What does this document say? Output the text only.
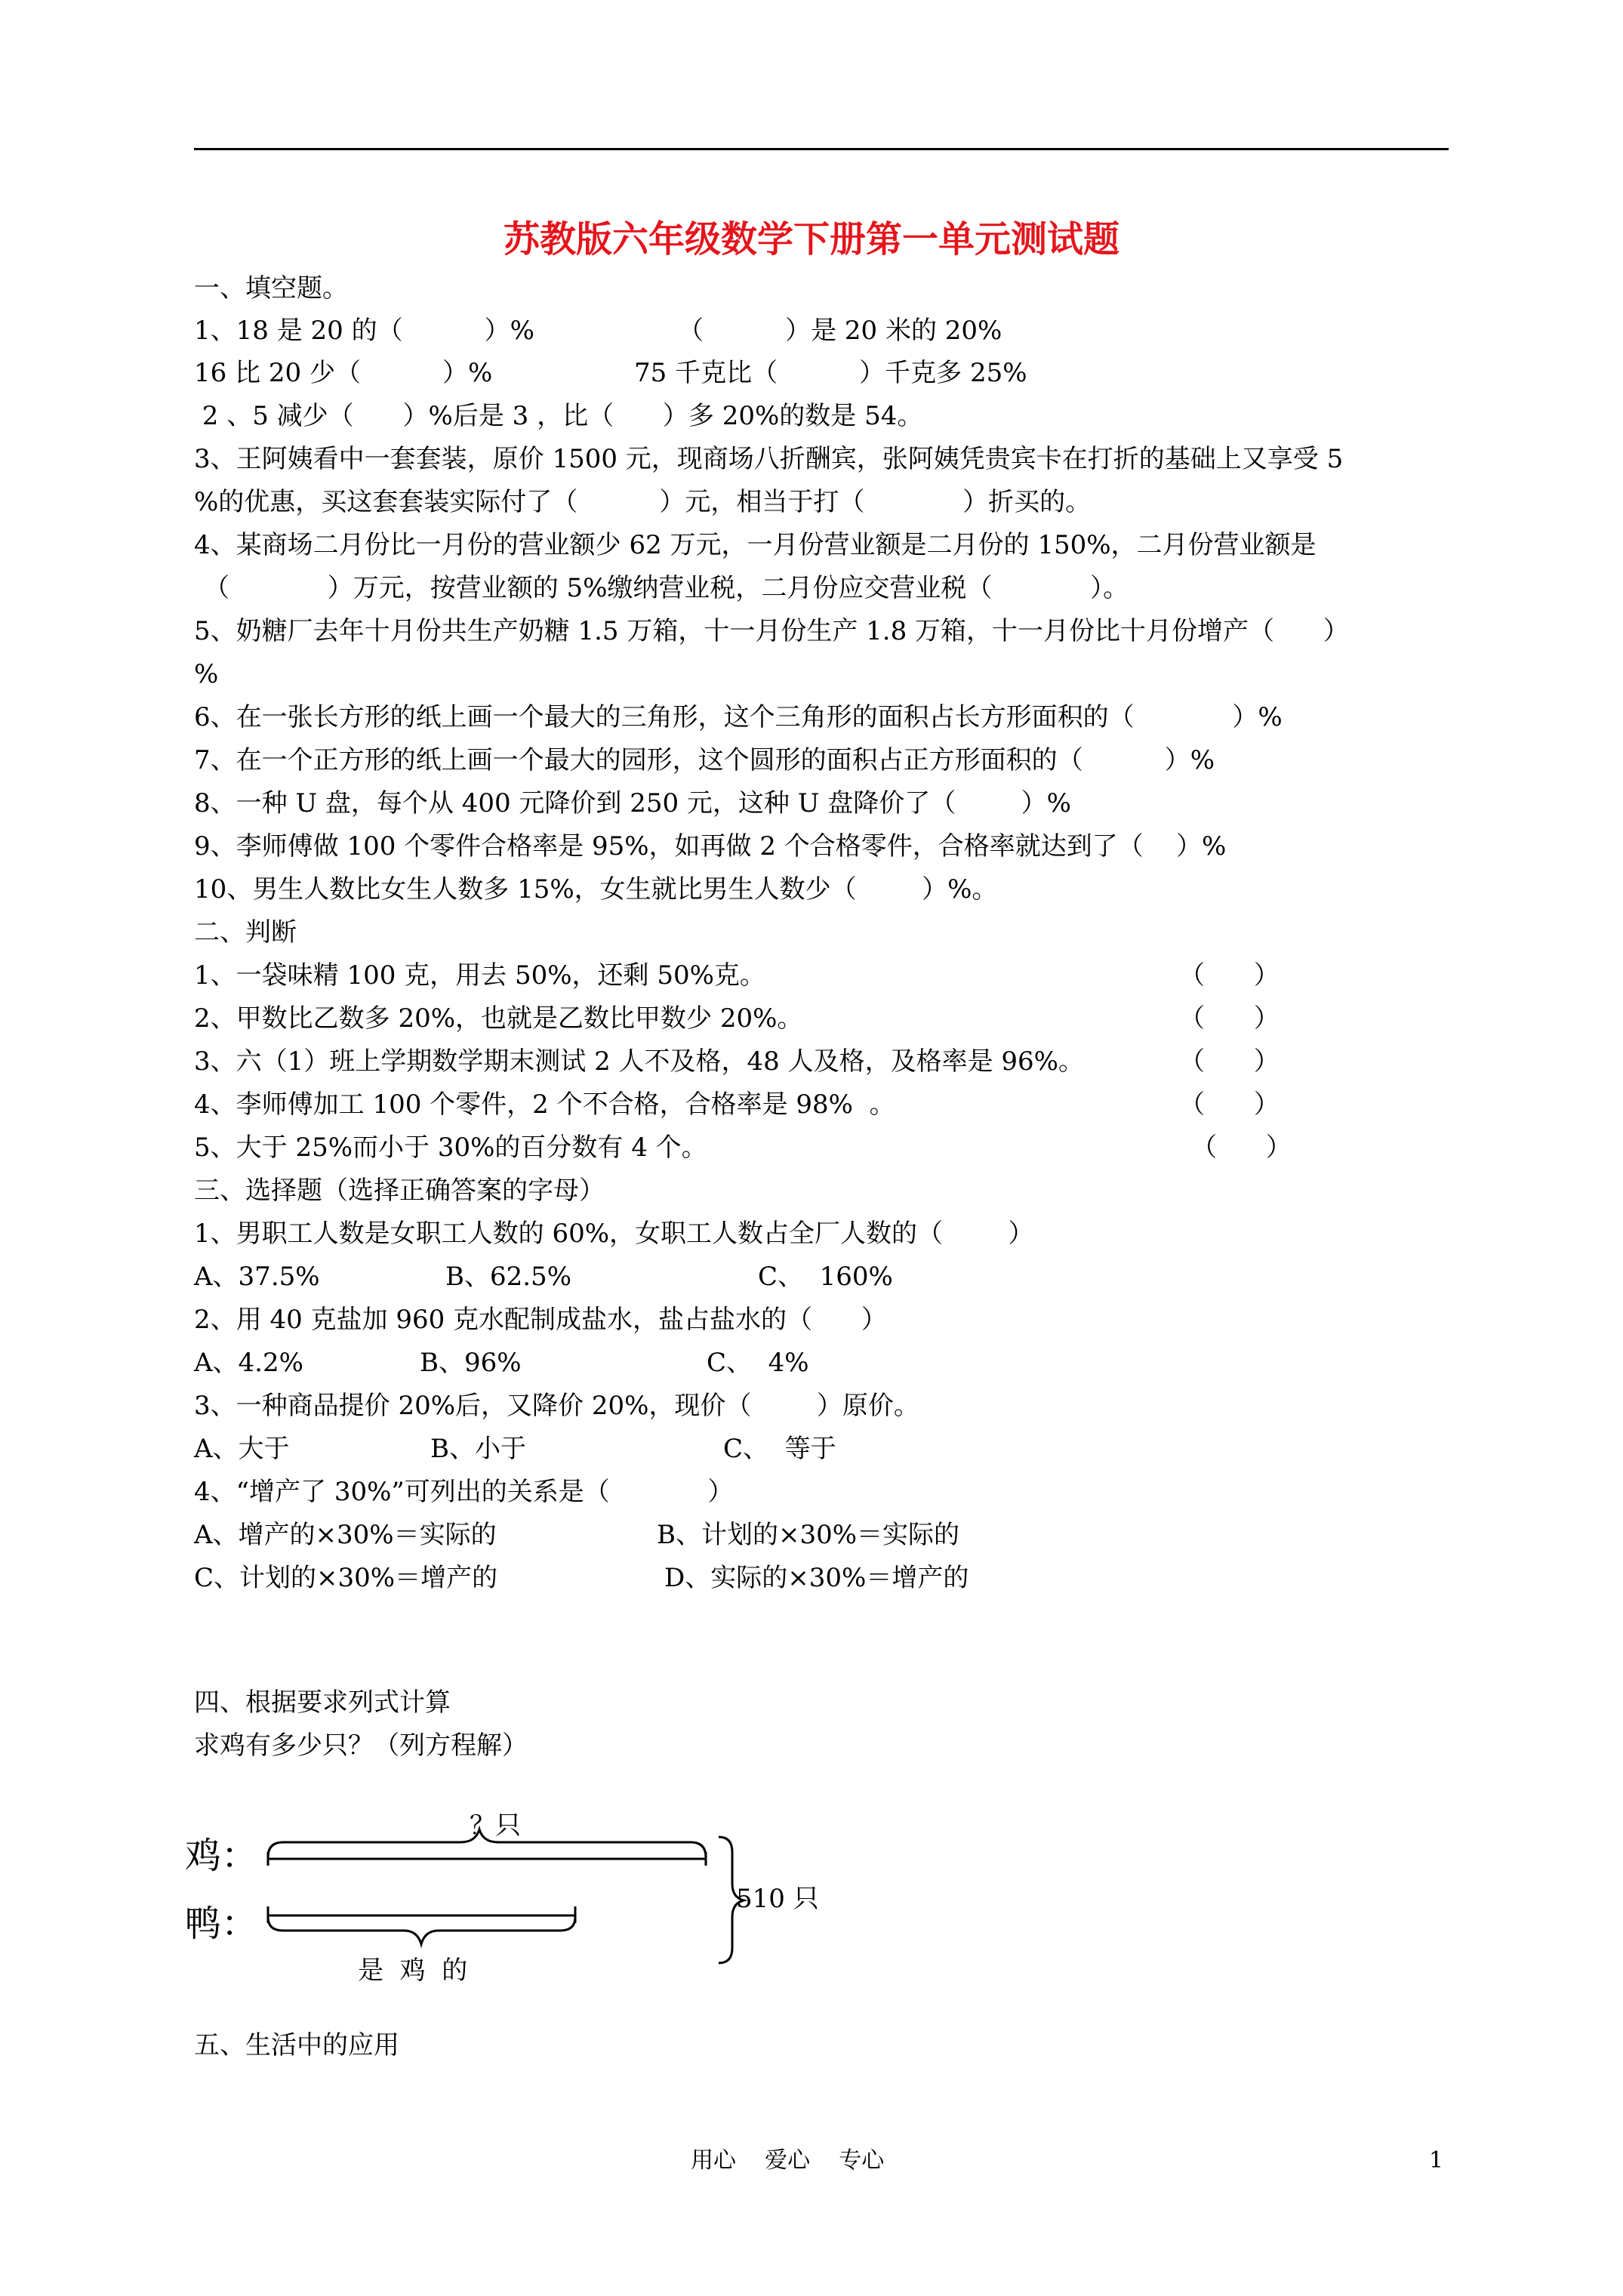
苏教版六年级数学下册第一单元测试题
一、填空题。
1、18 是 20 的（          ）%	（          ）是 20 米的 20%
16 比 20 少（          ）%	75 千克比（          ）千克多 25%
2 、5 减少（      ）%后是 3 ，比（      ）多 20%的数是 54。
3、王阿姨看中一套套装，原价 1500 元，现商场八折酬宾，张阿姨凭贵宾卡在打折的基础上又享受 5
%的优惠，买这套套装实际付了（          ）元，相当于打（            ）折买的。
4、某商场二月份比一月份的营业额少 62 万元，一月份营业额是二月份的 150%，二月份营业额是
（            ）万元，按营业额的 5%缴纳营业税，二月份应交营业税（            ）。
5、奶糖厂去年十月份共生产奶糖 1.5 万箱，十一月份生产 1.8 万箱，十一月份比十月份增产（      ）
%
6、在一张长方形的纸上画一个最大的三角形，这个三角形的面积占长方形面积的（            ）%
7、在一个正方形的纸上画一个最大的园形，这个圆形的面积占正方形面积的（          ）%
8、一种 U 盘，每个从 400 元降价到 250 元，这种 U 盘降价了（        ）%
9、李师傅做 100 个零件合格率是 95%，如再做 2 个合格零件，合格率就达到了（    ）%
10、男生人数比女生人数多 15%，女生就比男生人数少（        ）%。
二、判断
1、一袋味精 100 克，用去 50%，还剩 50%克。	（      ）
2、甲数比乙数多 20%，也就是乙数比甲数少 20%。	（      ）
3、六（1）班上学期数学期末测试 2 人不及格，48 人及格，及格率是 96%。	（      ）
4、李师傅加工 100 个零件，2 个不合格，合格率是 98%  。	（      ）
5、大于 25%而小于 30%的百分数有 4 个。	（      ）
三、选择题（选择正确答案的字母）
1、男职工人数是女职工人数的 60%，女职工人数占全厂人数的（        ）
A、37.5%	B、62.5%	C、  160%
2、用 40 克盐加 960 克水配制成盐水，盐占盐水的（      ）
A、4.2%	B、96%	C、  4%
3、一种商品提价 20%后，又降价 20%，现价（        ）原价。
A、大于	B、小于	C、  等于
4、“增产了 30%”可列出的关系是（            ）
A、增产的×30%＝实际的	B、计划的×30%＝实际的
C、计划的×30%＝增产的	D、实际的×30%＝增产的
四、根据要求列式计算
求鸡有多少只？（列方程解）
五、生活中的应用
鸡：
鸭：
？只
510 只
是  鸡  的
用心    爱心    专心	1
